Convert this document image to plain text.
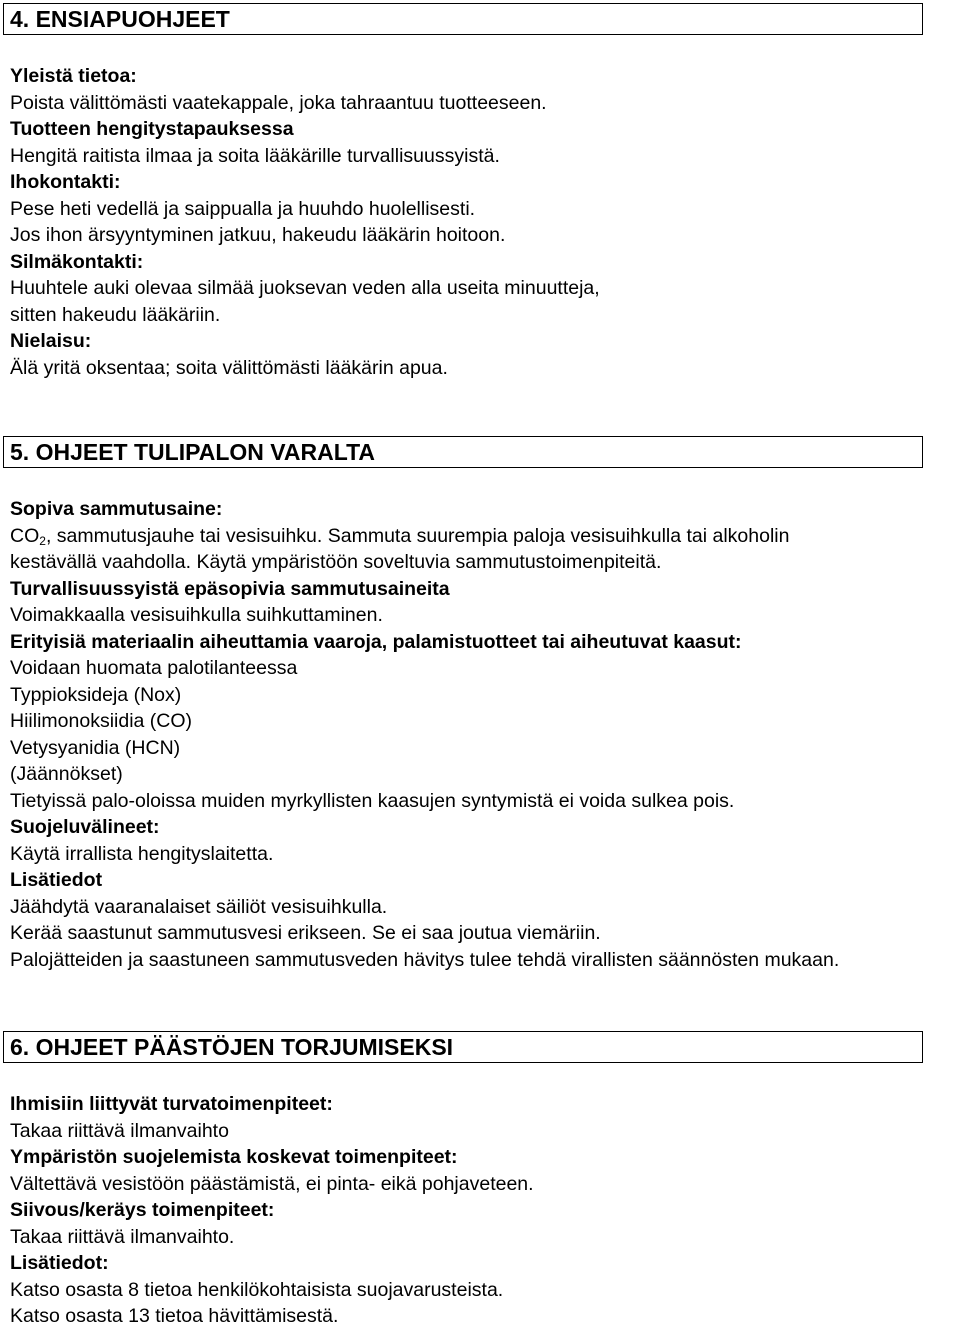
4. ENSIAPUOHJEET
Yleistä tietoa:
Poista välittömästi vaatekappale, joka tahraantuu tuotteeseen.
Tuotteen hengitystapauksessa
Hengitä raitista ilmaa ja soita lääkärille turvallisuussyistä.
Ihokontakti:
Pese heti vedellä ja saippualla ja huuhdo huolellisesti.
Jos ihon ärsyyntyminen jatkuu, hakeudu lääkärin hoitoon.
Silmäkontakti:
Huuhtele auki olevaa silmää juoksevan veden alla useita minuutteja,
sitten hakeudu lääkäriin.
Nielaisu:
Älä yritä oksentaa; soita välittömästi lääkärin apua.
5. OHJEET TULIPALON VARALTA
Sopiva sammutusaine:
$CO_2$, sammutusjauhe tai vesisuihku. Sammuta suurempia paloja vesisuihkulla tai alkoholin
kestävällä vaahdolla. Käytä ympäristöön soveltuvia sammutustoimenpiteitä.
Turvallisuussyistä epäsopivia sammutusaineita
Voimakkaalla vesisuihkulla suihkuttaminen.
Erityisiä materiaalin aiheuttamia vaaroja, palamistuotteet tai aiheutuvat kaasut:
Voidaan huomata palotilanteessa
Typpioksideja (Nox)
Hiilimonoksiidia (CO)
Vetysyanidia (HCN)
(Jäännökset)
Tietyissä palo-oloissa muiden myrkyllisten kaasujen syntymistä ei voida sulkea pois.
Suojeluvälineet:
Käytä irrallista hengityslaitetta.
Lisätiedot
Jäähdytä vaaranalaiset säiliöt vesisuihkulla.
Kerää saastunut sammutusvesi erikseen. Se ei saa joutua viemäriin.
Palojätteiden ja saastuneen sammutusveden hävitys tulee tehdä virallisten säännösten mukaan.
6. OHJEET PÄÄSTÖJEN TORJUMISEKSI
Ihmisiin liittyvät turvatoimenpiteet:
Takaa riittävä ilmanvaihto
Ympäristön suojelemista koskevat toimenpiteet:
Vältettävä vesistöön päästämistä, ei pinta- eikä pohjaveteen.
Siivous/keräys toimenpiteet:
Takaa riittävä ilmanvaihto.
Lisätiedot:
Katso osasta 8 tietoa henkilökohtaisista suojavarusteista.
Katso osasta 13 tietoa hävittämisestä.
